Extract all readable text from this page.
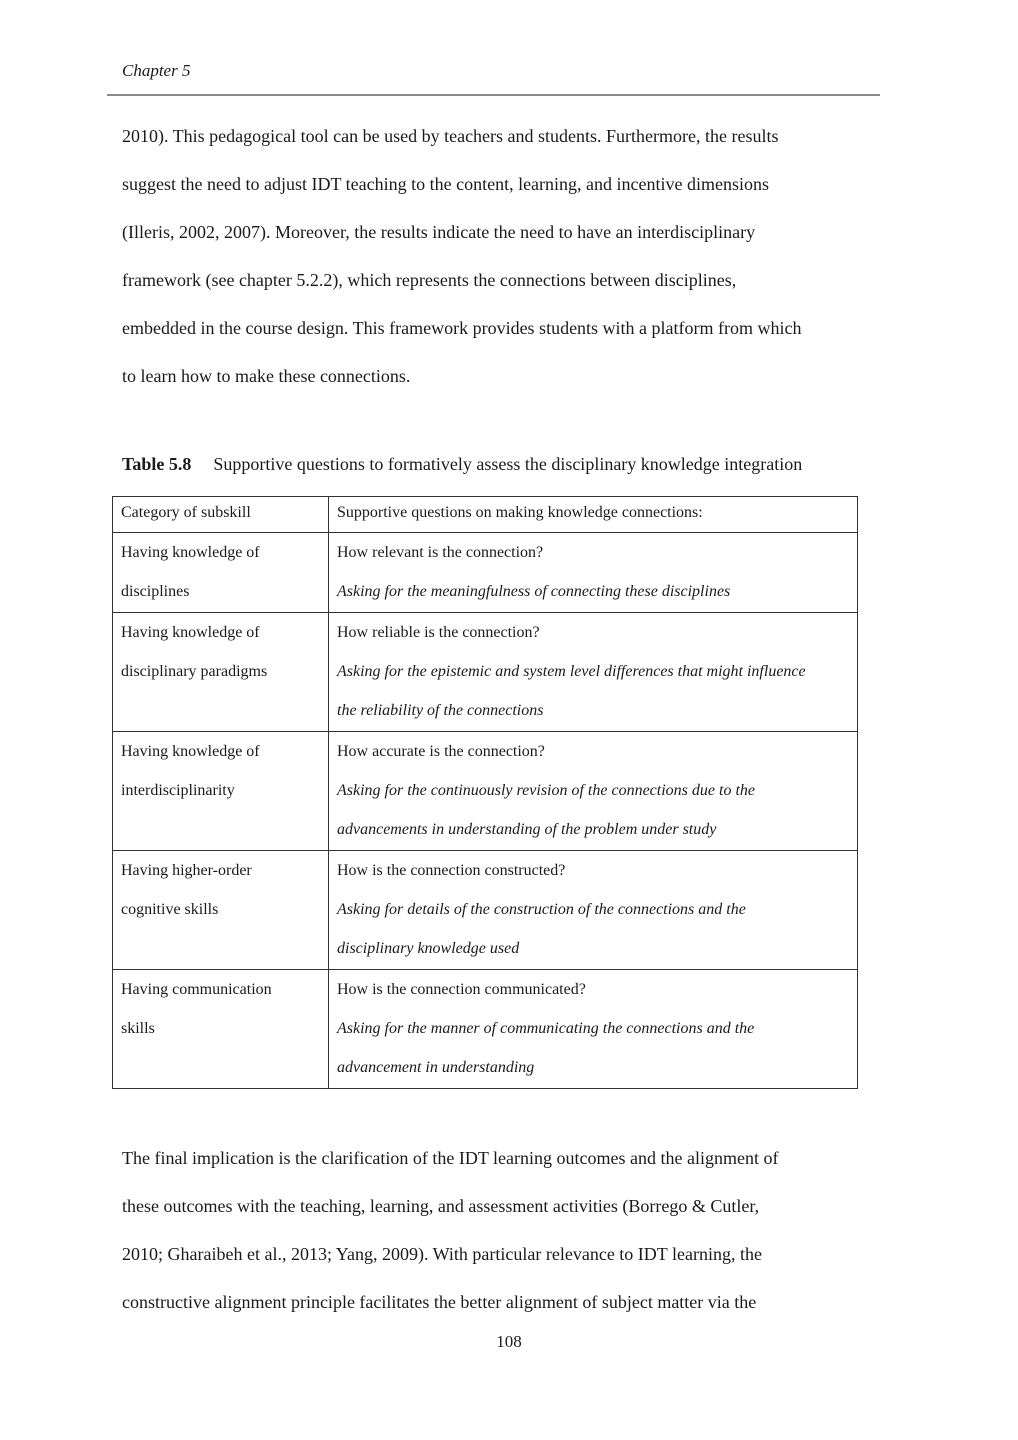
Chapter 5
2010). This pedagogical tool can be used by teachers and students. Furthermore, the results
suggest the need to adjust IDT teaching to the content, learning, and incentive dimensions
(Illeris, 2002, 2007). Moreover, the results indicate the need to have an interdisciplinary
framework (see chapter 5.2.2), which represents the connections between disciplines,
embedded in the course design. This framework provides students with a platform from which
to learn how to make these connections.
Table 5.8 Supportive questions to formatively assess the disciplinary knowledge integration
Category of subskill	Supportive questions on making knowledge connections:

Having knowledge of
disciplines	How relevant is the connection?
Asking for the meaningfulness of connecting these disciplines

Having knowledge of
disciplinary paradigms	How reliable is the connection?
Asking for the epistemic and system level differences that might influence
the reliability of the connections

Having knowledge of
interdisciplinarity	How accurate is the connection?
Asking for the continuously revision of the connections due to the
advancements in understanding of the problem under study

Having higher-order
cognitive skills	How is the connection constructed?
Asking for details of the construction of the connections and the
disciplinary knowledge used

Having communication
skills	How is the connection communicated?
Asking for the manner of communicating the connections and the
advancement in understanding
The final implication is the clarification of the IDT learning outcomes and the alignment of
these outcomes with the teaching, learning, and assessment activities (Borrego & Cutler,
2010; Gharaibeh et al., 2013; Yang, 2009). With particular relevance to IDT learning, the
constructive alignment principle facilitates the better alignment of subject matter via the
108
